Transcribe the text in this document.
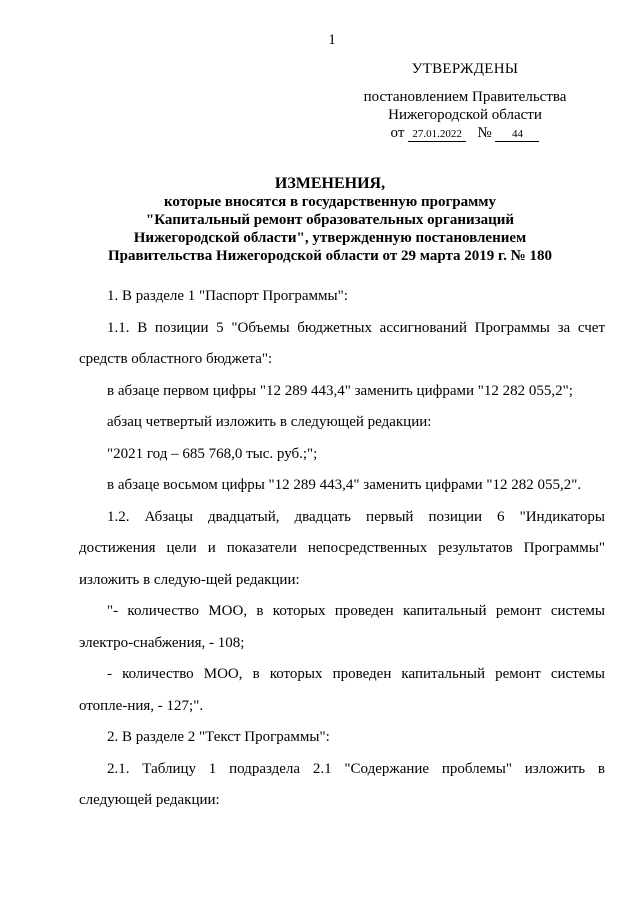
1
УТВЕРЖДЕНЫ
постановлением Правительства
Нижегородской области
от 27.01.2022 № 44
ИЗМЕНЕНИЯ,
которые вносятся в государственную программу
"Капитальный ремонт образовательных организаций
Нижегородской области", утвержденную постановлением
Правительства Нижегородской области от 29 марта 2019 г. № 180

1. В разделе 1 "Паспорт Программы":

1.1. В позиции 5 "Объемы бюджетных ассигнований Программы за счет средств областного бюджета":

в абзаце первом цифры "12 289 443,4" заменить цифрами "12 282 055,2";

абзац четвертый изложить в следующей редакции:

"2021 год – 685 768,0 тыс. руб.;";

в абзаце восьмом цифры "12 289 443,4" заменить цифрами "12 282 055,2".

1.2. Абзацы двадцатый, двадцать первый позиции 6 "Индикаторы достижения цели и показатели непосредственных результатов Программы" изложить в следую-щей редакции:

"- количество МОО, в которых проведен капитальный ремонт системы электро-снабжения, - 108;

- количество МОО, в которых проведен капитальный ремонт системы отопле-ния, - 127;".

2. В разделе 2 "Текст Программы":

2.1. Таблицу 1 подраздела 2.1 "Содержание проблемы" изложить в следующей редакции:
